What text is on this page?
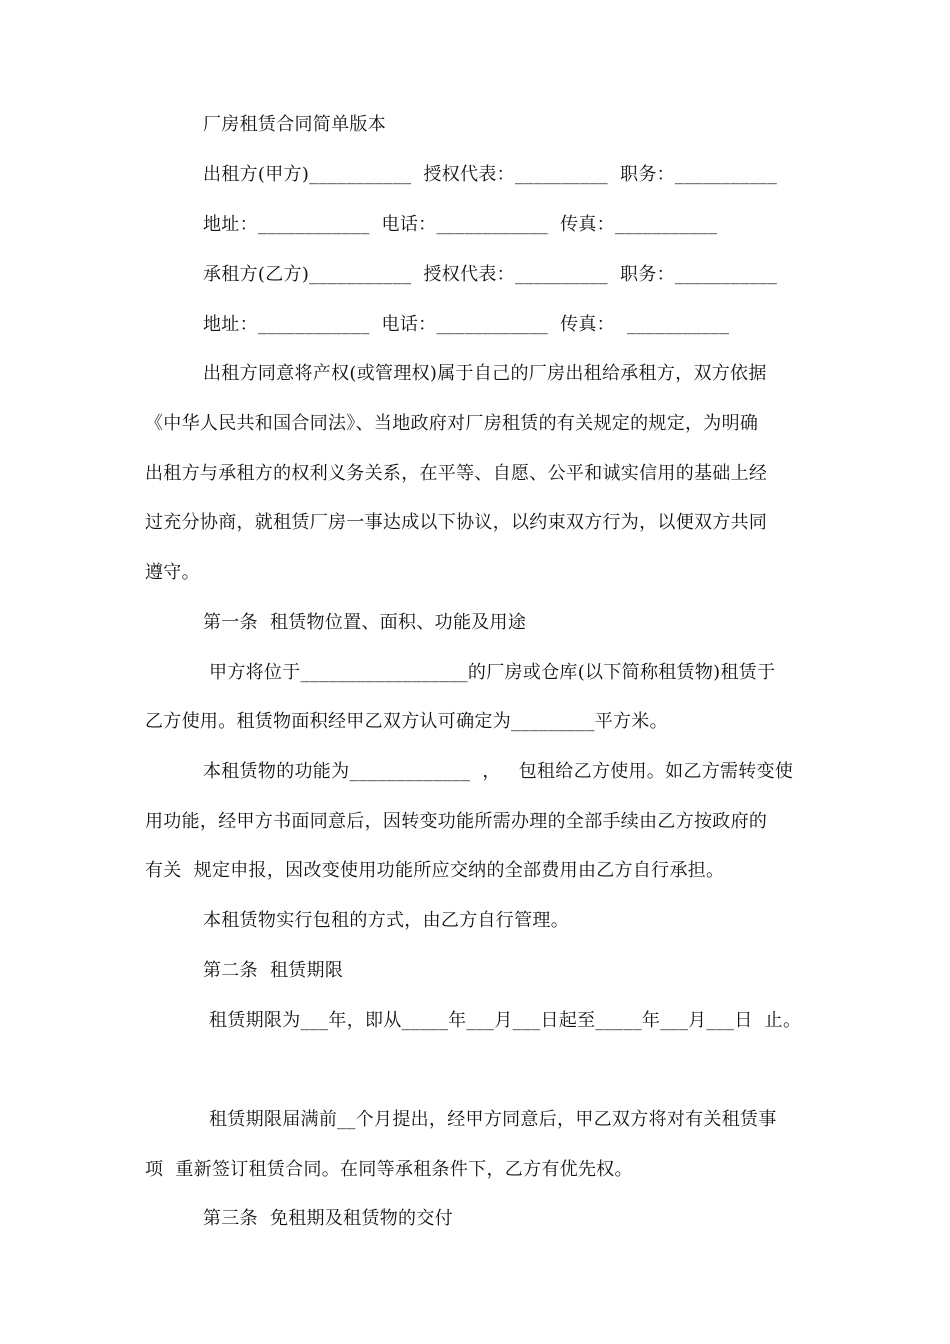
厂房租赁合同简单版本
出租方(甲方)___________  授权代表：__________  职务：___________
地址：____________  电话：____________  传真：___________
承租方(乙方)___________  授权代表：__________  职务：___________
地址：____________  电话：____________  传真：  ___________
出租方同意将产权(或管理权)属于自己的厂房出租给承租方，双方依据
《中华人民共和国合同法》、当地政府对厂房租赁的有关规定的规定，为明确
出租方与承租方的权利义务关系，在平等、自愿、公平和诚实信用的基础上经
过充分协商，就租赁厂房一事达成以下协议，以约束双方行为，以便双方共同
遵守。
第一条  租赁物位置、面积、功能及用途
甲方将位于__________________的厂房或仓库(以下简称租赁物)租赁于
乙方使用。租赁物面积经甲乙双方认可确定为_________平方米。
本租赁物的功能为_____________  ，   包租给乙方使用。如乙方需转变使
用功能，经甲方书面同意后，因转变功能所需办理的全部手续由乙方按政府的
有关  规定申报，因改变使用功能所应交纳的全部费用由乙方自行承担。
本租赁物实行包租的方式，由乙方自行管理。
第二条  租赁期限
租赁期限为___年，即从_____年___月___日起至_____年___月___日  止。
租赁期限届满前__个月提出，经甲方同意后，甲乙双方将对有关租赁事
项  重新签订租赁合同。在同等承租条件下，乙方有优先权。
第三条  免租期及租赁物的交付
